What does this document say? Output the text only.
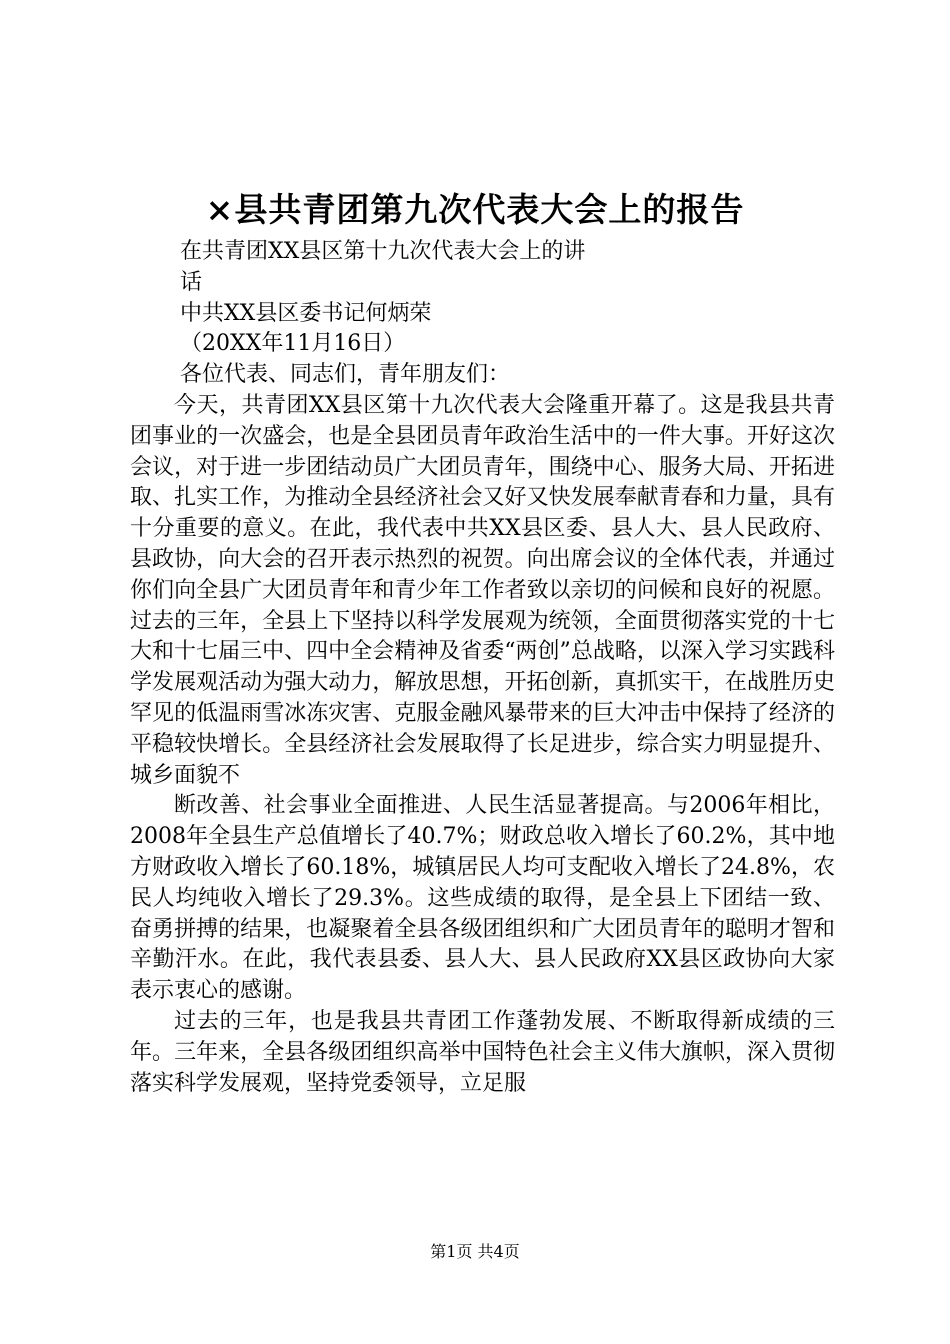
×县共青团第九次代表大会上的报告
在共青团XX县区第十九次代表大会上的讲
话
中共XX县区委书记何炳荣
（20XX年11月16日）
各位代表、同志们，青年朋友们：

今天，共青团XX县区第十九次代表大会隆重开幕了。这是我县共青团事业的一次盛会，也是全县团员青年政治生活中的一件大事。开好这次会议，对于进一步团结动员广大团员青年，围绕中心、服务大局、开拓进取、扎实工作，为推动全县经济社会又好又快发展奉献青春和力量，具有十分重要的意义。在此，我代表中共XX县区委、县人大、县人民政府、县政协，向大会的召开表示热烈的祝贺。向出席会议的全体代表，并通过你们向全县广大团员青年和青少年工作者致以亲切的问候和良好的祝愿。过去的三年，全县上下坚持以科学发展观为统领，全面贯彻落实党的十七大和十七届三中、四中全会精神及省委“两创”总战略，以深入学习实践科学发展观活动为强大动力，解放思想，开拓创新，真抓实干，在战胜历史罕见的低温雨雪冰冻灾害、克服金融风暴带来的巨大冲击中保持了经济的平稳较快增长。全县经济社会发展取得了长足进步，综合实力明显提升、城乡面貌不

断改善、社会事业全面推进、人民生活显著提高。与2006年相比，2008年全县生产总值增长了40.7%；财政总收入增长了60.2%，其中地方财政收入增长了60.18%，城镇居民人均可支配收入增长了24.8%，农民人均纯收入增长了29.3%。这些成绩的取得，是全县上下团结一致、奋勇拼搏的结果，也凝聚着全县各级团组织和广大团员青年的聪明才智和辛勤汗水。在此，我代表县委、县人大、县人民政府XX县区政协向大家表示衷心的感谢。

过去的三年，也是我县共青团工作蓬勃发展、不断取得新成绩的三年。三年来，全县各级团组织高举中国特色社会主义伟大旗帜，深入贯彻落实科学发展观，坚持党委领导，立足服

第1页 共4页
